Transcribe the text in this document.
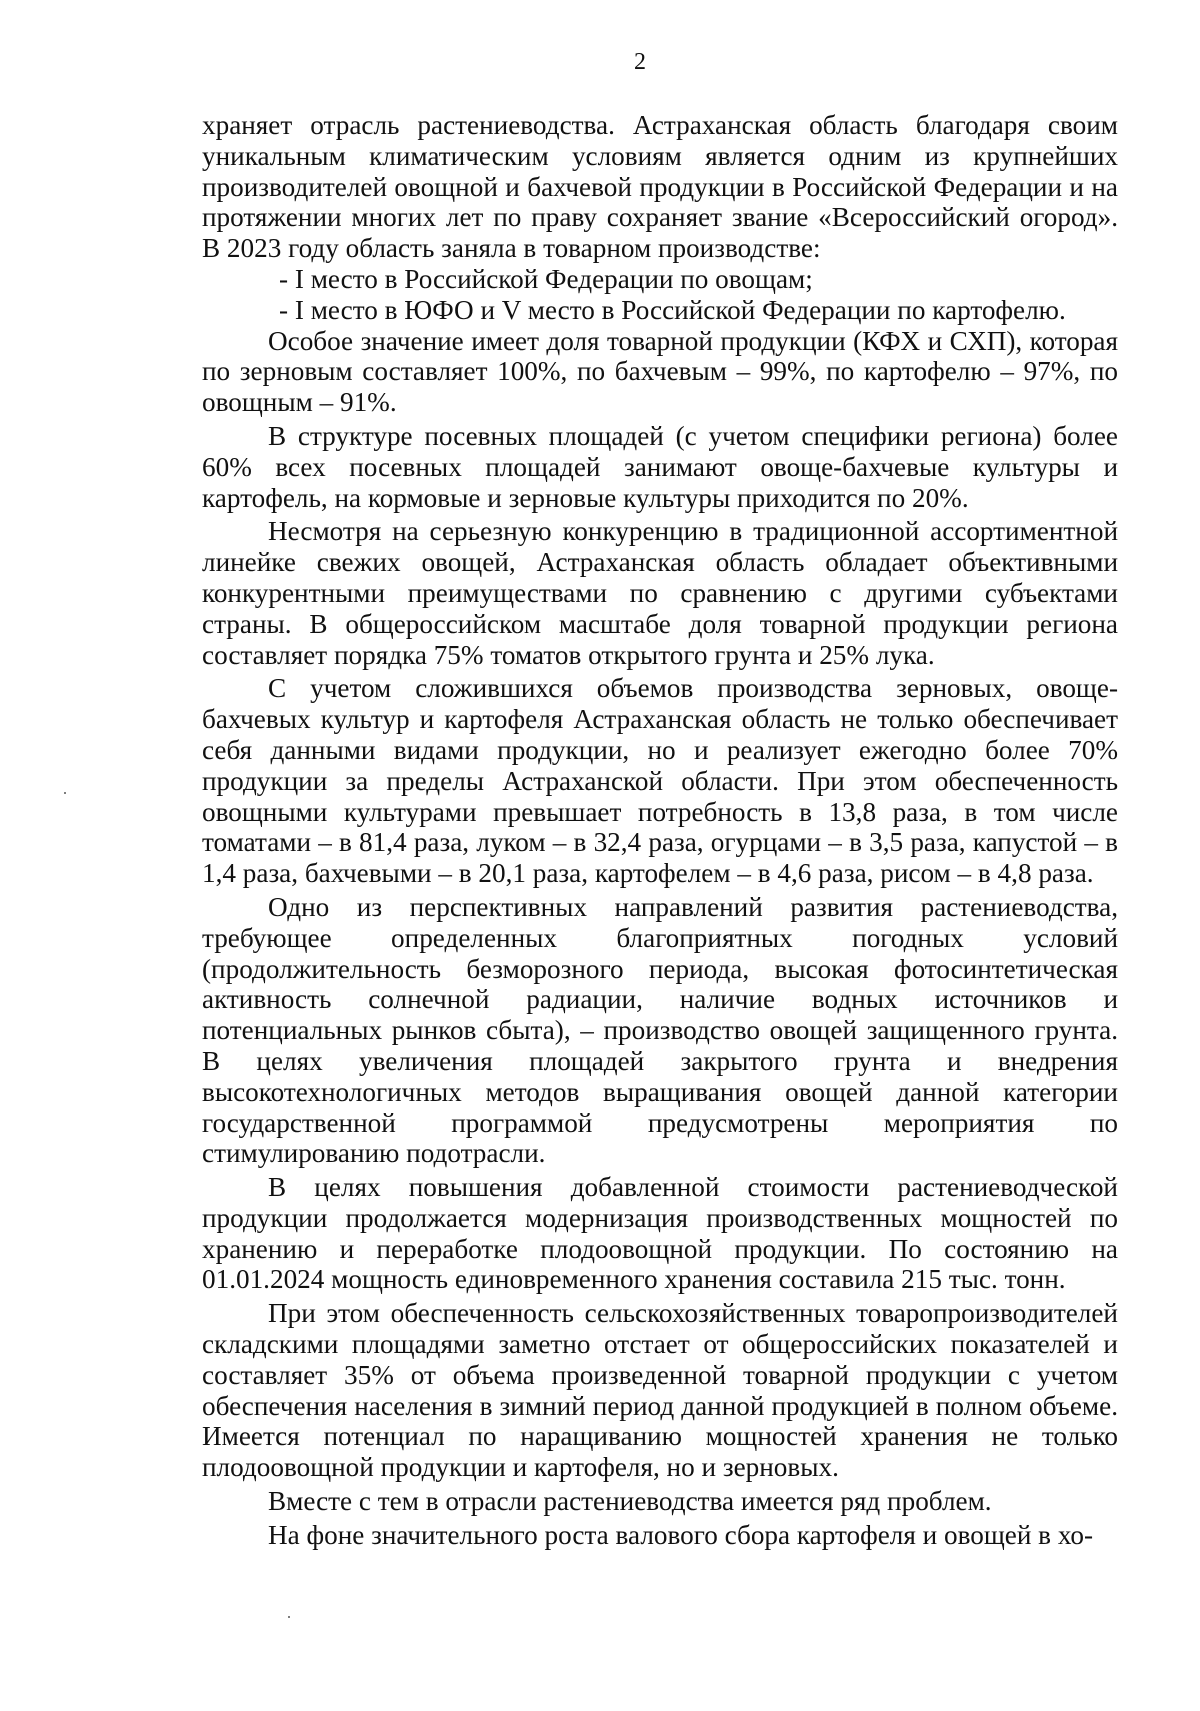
2

храняет отрасль растениеводства. Астраханская область благодаря своим уникальным климатическим условиям является одним из крупнейших производителей овощной и бахчевой продукции в Российской Федерации и на протяжении многих лет по праву сохраняет звание «Всероссийский огород». В 2023 году область заняла в товарном производстве:

- I место в Российской Федерации по овощам;

- I место в ЮФО и V место в Российской Федерации по картофелю.

Особое значение имеет доля товарной продукции (КФХ и СХП), которая по зерновым составляет 100%, по бахчевым – 99%, по картофелю – 97%, по овощным – 91%.

В структуре посевных площадей (с учетом специфики региона) более 60% всех посевных площадей занимают овоще-бахчевые культуры и картофель, на кормовые и зерновые культуры приходится по 20%.

Несмотря на серьезную конкуренцию в традиционной ассортиментной линейке свежих овощей, Астраханская область обладает объективными конкурентными преимуществами по сравнению с другими субъектами страны. В общероссийском масштабе доля товарной продукции региона составляет порядка 75% томатов открытого грунта и 25% лука.

С учетом сложившихся объемов производства зерновых, овоще-бахчевых культур и картофеля Астраханская область не только обеспечивает себя данными видами продукции, но и реализует ежегодно более 70% продукции за пределы Астраханской области. При этом обеспеченность овощными культурами превышает потребность в 13,8 раза, в том числе томатами – в 81,4 раза, луком – в 32,4 раза, огурцами – в 3,5 раза, капустой – в 1,4 раза, бахчевыми – в 20,1 раза, картофелем – в 4,6 раза, рисом – в 4,8 раза.

Одно из перспективных направлений развития растениеводства, требующее определенных благоприятных погодных условий (продолжительность безморозного периода, высокая фотосинтетическая активность солнечной радиации, наличие водных источников и потенциальных рынков сбыта), – производство овощей защищенного грунта. В целях увеличения площадей закрытого грунта и внедрения высокотехнологичных методов выращивания овощей данной категории государственной программой предусмотрены мероприятия по стимулированию подотрасли.

В целях повышения добавленной стоимости растениеводческой продукции продолжается модернизация производственных мощностей по хранению и переработке плодоовощной продукции. По состоянию на 01.01.2024 мощность единовременного хранения составила 215 тыс. тонн.

При этом обеспеченность сельскохозяйственных товаропроизводителей складскими площадями заметно отстает от общероссийских показателей и составляет 35% от объема произведенной товарной продукции с учетом обеспечения населения в зимний период данной продукцией в полном объеме. Имеется потенциал по наращиванию мощностей хранения не только плодоовощной продукции и картофеля, но и зерновых.

Вместе с тем в отрасли растениеводства имеется ряд проблем.

На фоне значительного роста валового сбора картофеля и овощей в хо-
